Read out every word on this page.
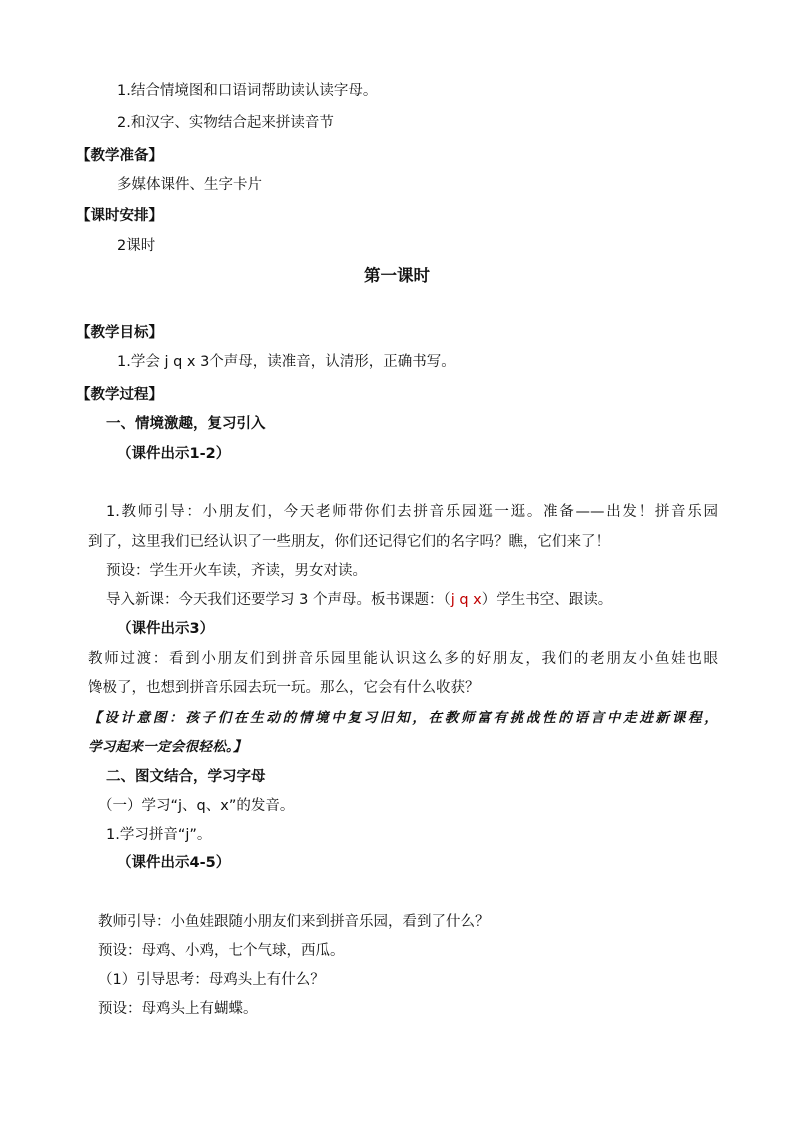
1.结合情境图和口语词帮助读认读字母。
2.和汉字、实物结合起来拼读音节
【教学准备】
多媒体课件、生字卡片
【课时安排】
2课时
第一课时
【教学目标】
1.学会 j q x 3个声母，读准音，认清形，正确书写。
【教学过程】
一、情境激趣，复习引入
（课件出示1-2）
1.教师引导：小朋友们，今天老师带你们去拼音乐园逛一逛。准备——出发！拼音乐园
到了，这里我们已经认识了一些朋友，你们还记得它们的名字吗？瞧，它们来了！
预设：学生开火车读，齐读，男女对读。
导入新课：今天我们还要学习 3 个声母。板书课题：（j q x）学生书空、跟读。
（课件出示3）
教师过渡：看到小朋友们到拼音乐园里能认识这么多的好朋友，我们的老朋友小鱼娃也眼
馋极了，也想到拼音乐园去玩一玩。那么，它会有什么收获？
【设计意图：孩子们在生动的情境中复习旧知，在教师富有挑战性的语言中走进新课程，
学习起来一定会很轻松。】
二、图文结合，学习字母
（一）学习“j、q、x”的发音。
1.学习拼音“j”。
（课件出示4-5）
教师引导：小鱼娃跟随小朋友们来到拼音乐园，看到了什么？
预设：母鸡、小鸡，七个气球，西瓜。
（1）引导思考：母鸡头上有什么？
预设：母鸡头上有蝴蝶。
